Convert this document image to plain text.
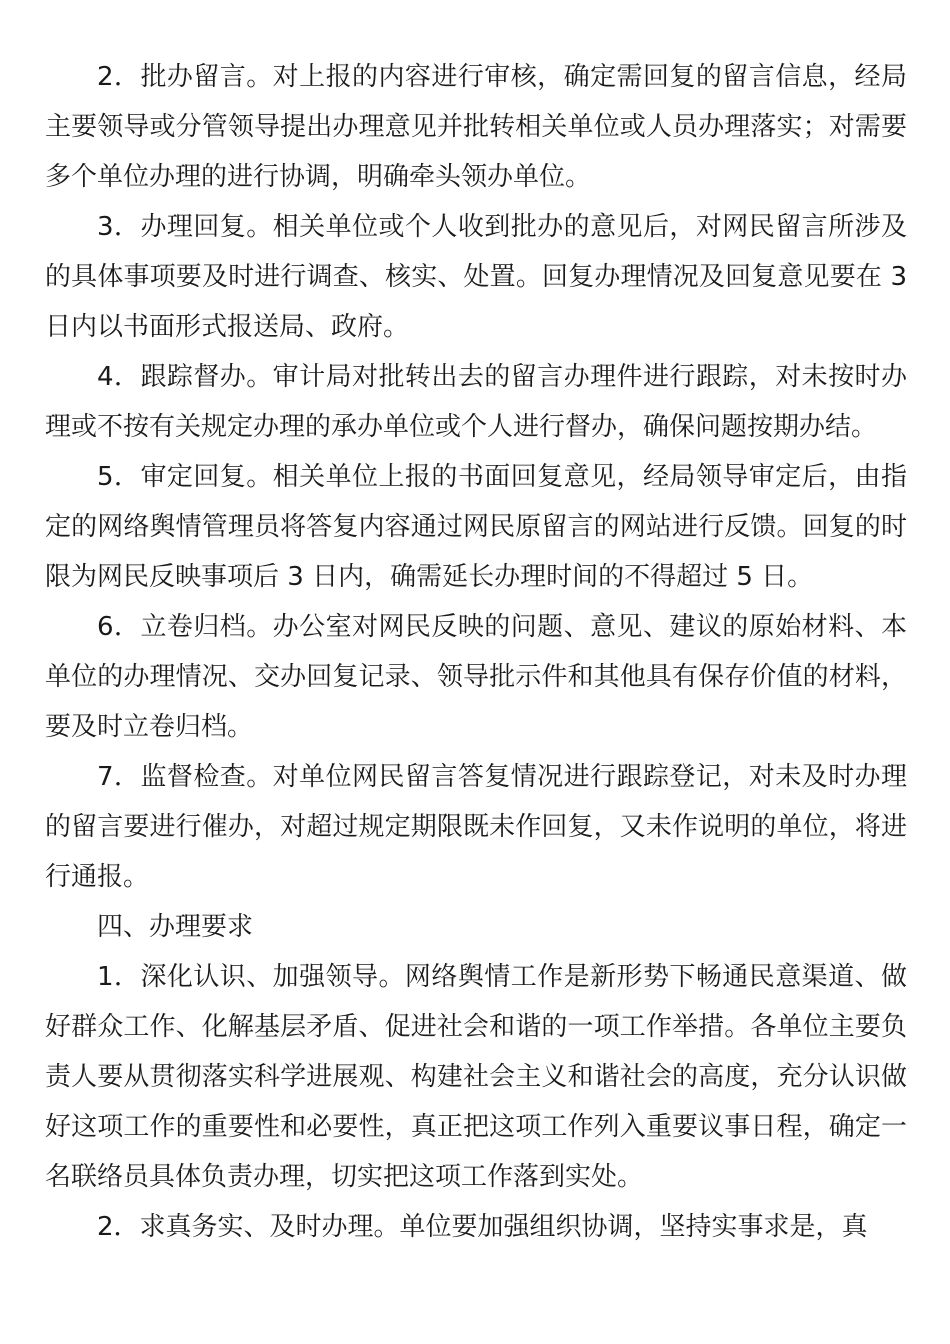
2．批办留言。对上报的内容进行审核，确定需回复的留言信息，经局主要领导或分管领导提出办理意见并批转相关单位或人员办理落实；对需要多个单位办理的进行协调，明确牵头领办单位。

3．办理回复。相关单位或个人收到批办的意见后，对网民留言所涉及的具体事项要及时进行调查、核实、处置。回复办理情况及回复意见要在 3 日内以书面形式报送局、政府。

4．跟踪督办。审计局对批转出去的留言办理件进行跟踪，对未按时办理或不按有关规定办理的承办单位或个人进行督办，确保问题按期办结。

5．审定回复。相关单位上报的书面回复意见，经局领导审定后，由指定的网络舆情管理员将答复内容通过网民原留言的网站进行反馈。回复的时限为网民反映事项后 3 日内，确需延长办理时间的不得超过 5 日。

6．立卷归档。办公室对网民反映的问题、意见、建议的原始材料、本单位的办理情况、交办回复记录、领导批示件和其他具有保存价值的材料，要及时立卷归档。

7．监督检查。对单位网民留言答复情况进行跟踪登记，对未及时办理的留言要进行催办，对超过规定期限既未作回复，又未作说明的单位，将进行通报。

四、办理要求

1．深化认识、加强领导。网络舆情工作是新形势下畅通民意渠道、做好群众工作、化解基层矛盾、促进社会和谐的一项工作举措。各单位主要负责人要从贯彻落实科学进展观、构建社会主义和谐社会的高度，充分认识做好这项工作的重要性和必要性，真正把这项工作列入重要议事日程，确定一名联络员具体负责办理，切实把这项工作落到实处。

2．求真务实、及时办理。单位要加强组织协调，坚持实事求是，真
